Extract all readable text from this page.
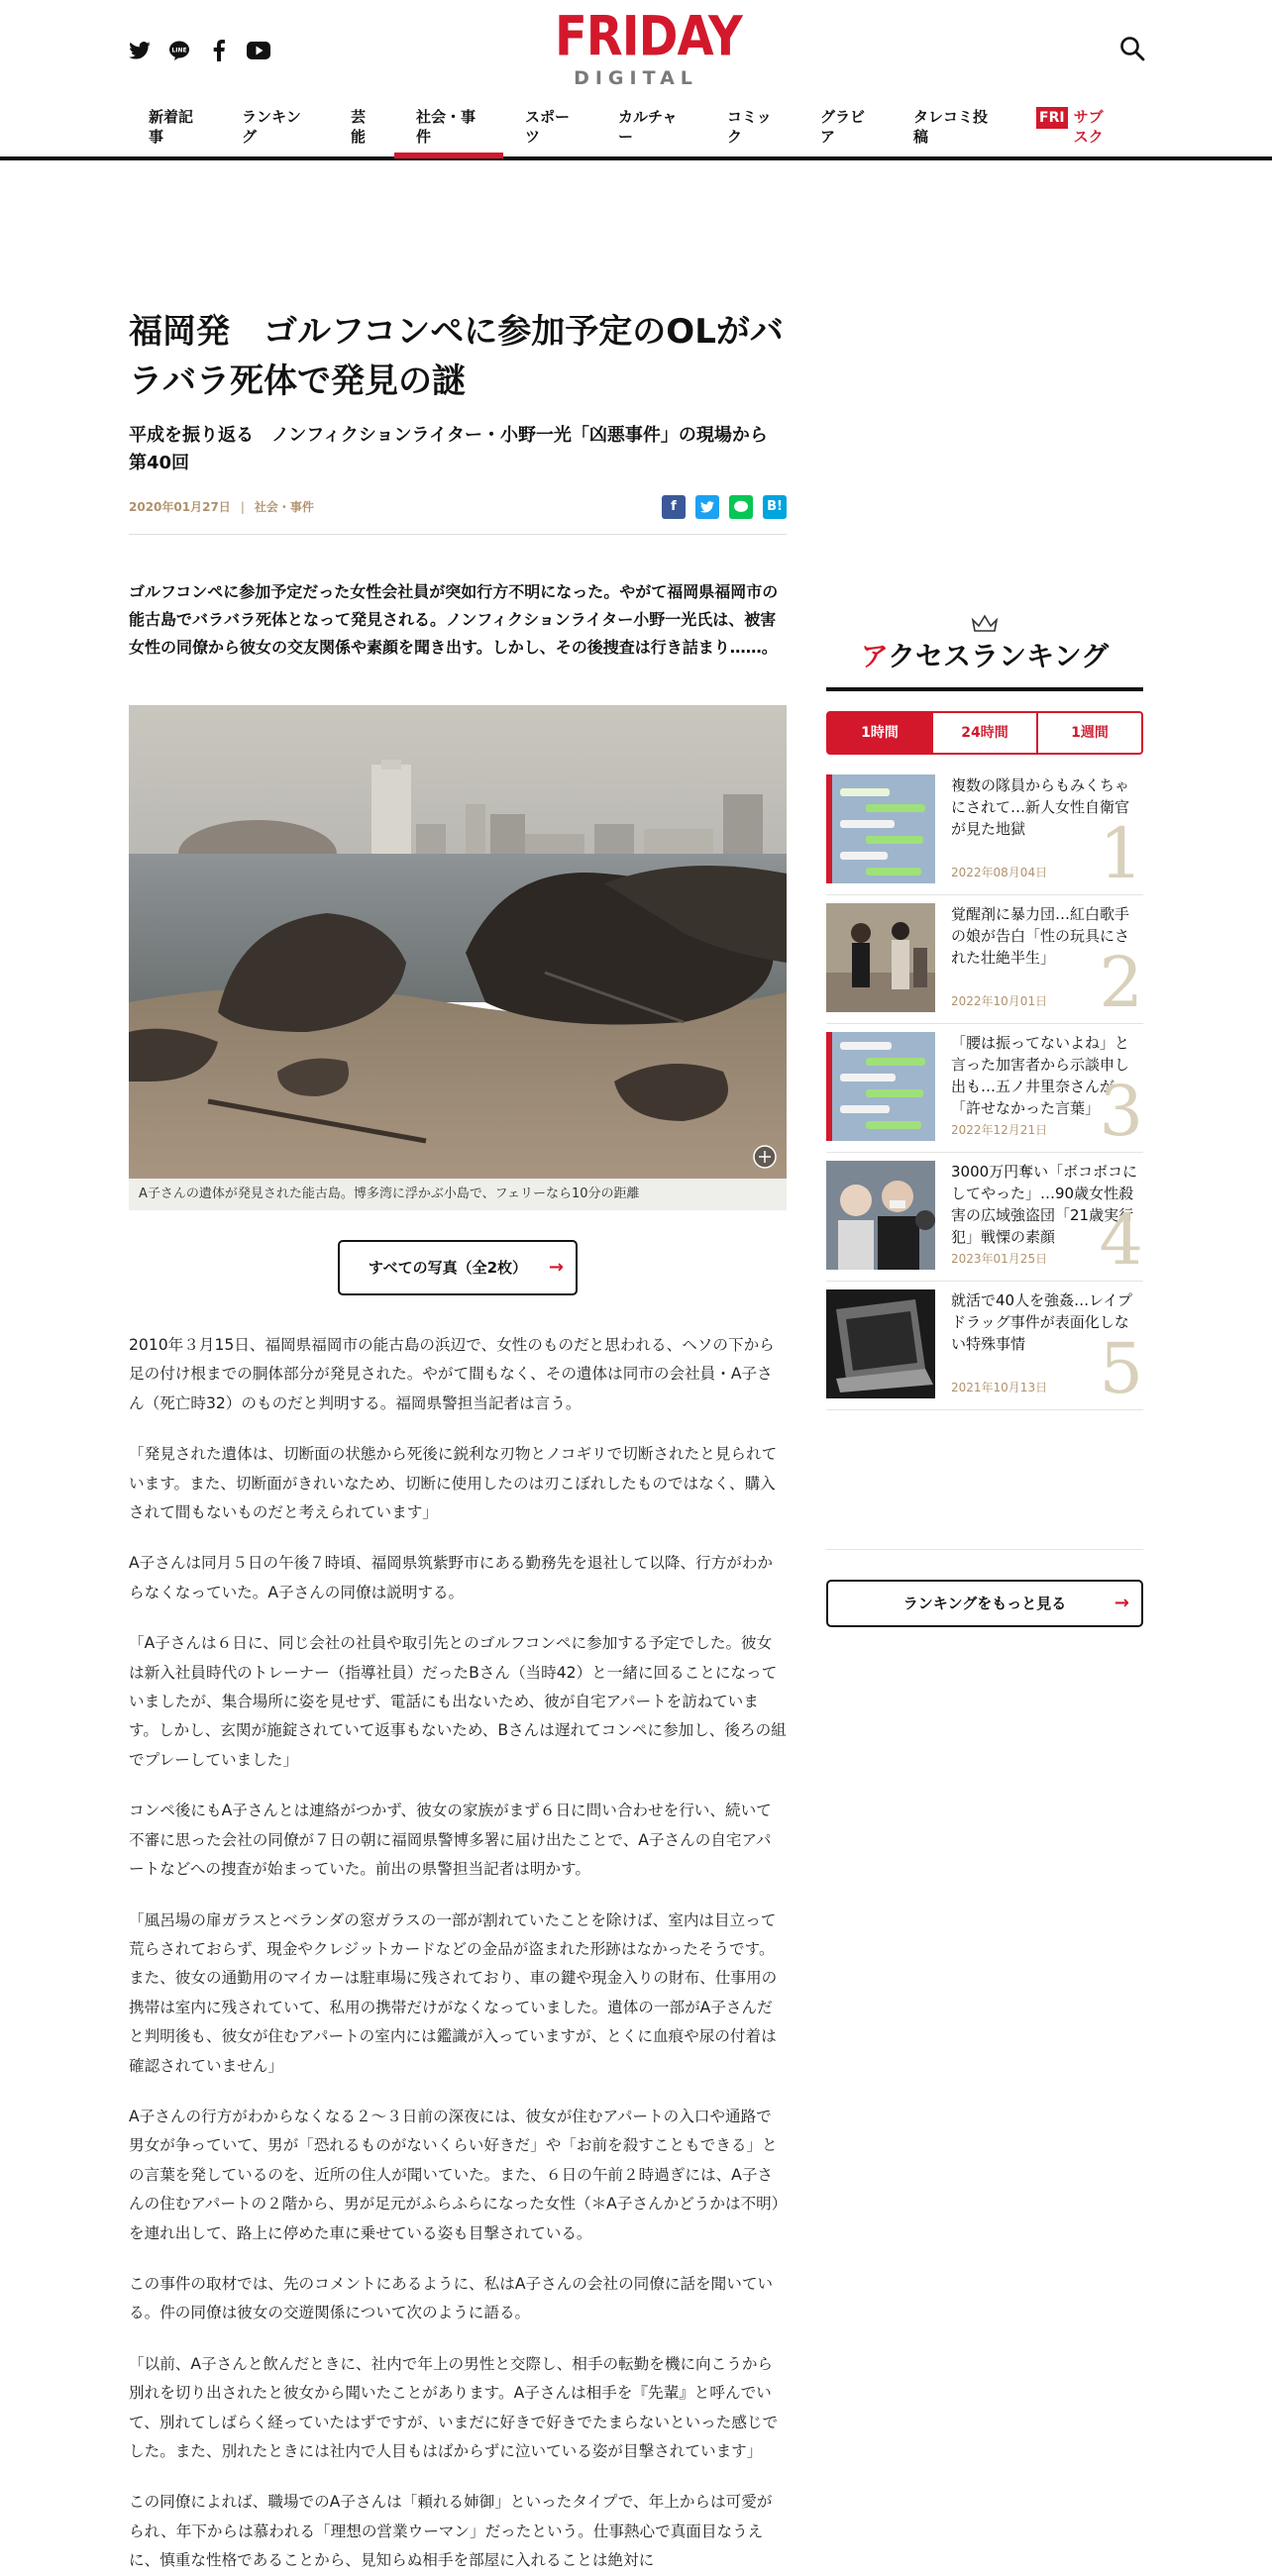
LINE	FRIDAY
DIGITAL
新着記事
ランキング
芸能
社会・事件
スポーツ
カルチャー
コミック
グラビア
タレコミ投稿
FRI サブスク
福岡発　ゴルフコンペに参加予定のOLがバラバラ死体で発見の謎
平成を振り返る　ノンフィクションライター・小野一光「凶悪事件」の現場から　第40回
2020年01月27日 | 社会・事件	f	B!

ゴルフコンペに参加予定だった女性会社員が突如行方不明になった。やがて福岡県福岡市の能古島でバラバラ死体となって発見される。ノンフィクションライター小野一光氏は、被害女性の同僚から彼女の交友関係や素顔を聞き出す。しかし、その後捜査は行き詰まり……。

A子さんの遺体が発見された能古島。博多湾に浮かぶ小島で、フェリーなら10分の距離
すべての写真（全2枚） →

2010年３月15日、福岡県福岡市の能古島の浜辺で、女性のものだと思われる、ヘソの下から足の付け根までの胴体部分が発見された。やがて間もなく、その遺体は同市の会社員・A子さん（死亡時32）のものだと判明する。福岡県警担当記者は言う。

「発見された遺体は、切断面の状態から死後に鋭利な刃物とノコギリで切断されたと見られています。また、切断面がきれいなため、切断に使用したのは刃こぼれしたものではなく、購入されて間もないものだと考えられています」

A子さんは同月５日の午後７時頃、福岡県筑紫野市にある勤務先を退社して以降、行方がわからなくなっていた。A子さんの同僚は説明する。

「A子さんは６日に、同じ会社の社員や取引先とのゴルフコンペに参加する予定でした。彼女は新入社員時代のトレーナー（指導社員）だったBさん（当時42）と一緒に回ることになっていましたが、集合場所に姿を見せず、電話にも出ないため、彼が自宅アパートを訪ねています。しかし、玄関が施錠されていて返事もないため、Bさんは遅れてコンペに参加し、後ろの組でプレーしていました」

コンペ後にもA子さんとは連絡がつかず、彼女の家族がまず６日に問い合わせを行い、続いて不審に思った会社の同僚が７日の朝に福岡県警博多署に届け出たことで、A子さんの自宅アパートなどへの捜査が始まっていた。前出の県警担当記者は明かす。

「風呂場の扉ガラスとベランダの窓ガラスの一部が割れていたことを除けば、室内は目立って荒らされておらず、現金やクレジットカードなどの金品が盗まれた形跡はなかったそうです。また、彼女の通勤用のマイカーは駐車場に残されており、車の鍵や現金入りの財布、仕事用の携帯は室内に残されていて、私用の携帯だけがなくなっていました。遺体の一部がA子さんだと判明後も、彼女が住むアパートの室内には鑑識が入っていますが、とくに血痕や尿の付着は確認されていません」

A子さんの行方がわからなくなる２～３日前の深夜には、彼女が住むアパートの入口や通路で男女が争っていて、男が「恐れるものがないくらい好きだ」や「お前を殺すこともできる」との言葉を発しているのを、近所の住人が聞いていた。また、６日の午前２時過ぎには、A子さんの住むアパートの２階から、男が足元がふらふらになった女性（＊A子さんかどうかは不明）を連れ出して、路上に停めた車に乗せている姿も目撃されている。

この事件の取材では、先のコメントにあるように、私はA子さんの会社の同僚に話を聞いている。件の同僚は彼女の交遊関係について次のように語る。

「以前、A子さんと飲んだときに、社内で年上の男性と交際し、相手の転勤を機に向こうから別れを切り出されたと彼女から聞いたことがあります。A子さんは相手を『先輩』と呼んでいて、別れてしばらく経っていたはずですが、いまだに好きで好きでたまらないといった感じでした。また、別れたときには社内で人目もはばからずに泣いている姿が目撃されています」

この同僚によれば、職場でのA子さんは「頼れる姉御」といったタイプで、年上からは可愛がられ、年下からは慕われる「理想の営業ウーマン」だったという。仕事熱心で真面目なうえに、慎重な性格であることから、見知らぬ相手を部屋に入れることは絶対に

アクセスランキング
1時間	24時間	1週間
複数の隊員からもみくちゃにされて…新人女性自衛官が見た地獄
2022年08月04日 1
覚醒剤に暴力団…紅白歌手の娘が告白「性の玩具にされた壮絶半生」
2022年10月01日 2
「腰は振ってないよね」と言った加害者から示談申し出も…五ノ井里奈さんが「許せなかった言葉」
2022年12月21日 3
3000万円奪い「ボコボコにしてやった」…90歳女性殺害の広域強盗団「21歳実行犯」戦慄の素顔
2023年01月25日 4
就活で40人を強姦…レイプドラッグ事件が表面化しない特殊事情
2021年10月13日 5
ランキングをもっと見る	→
